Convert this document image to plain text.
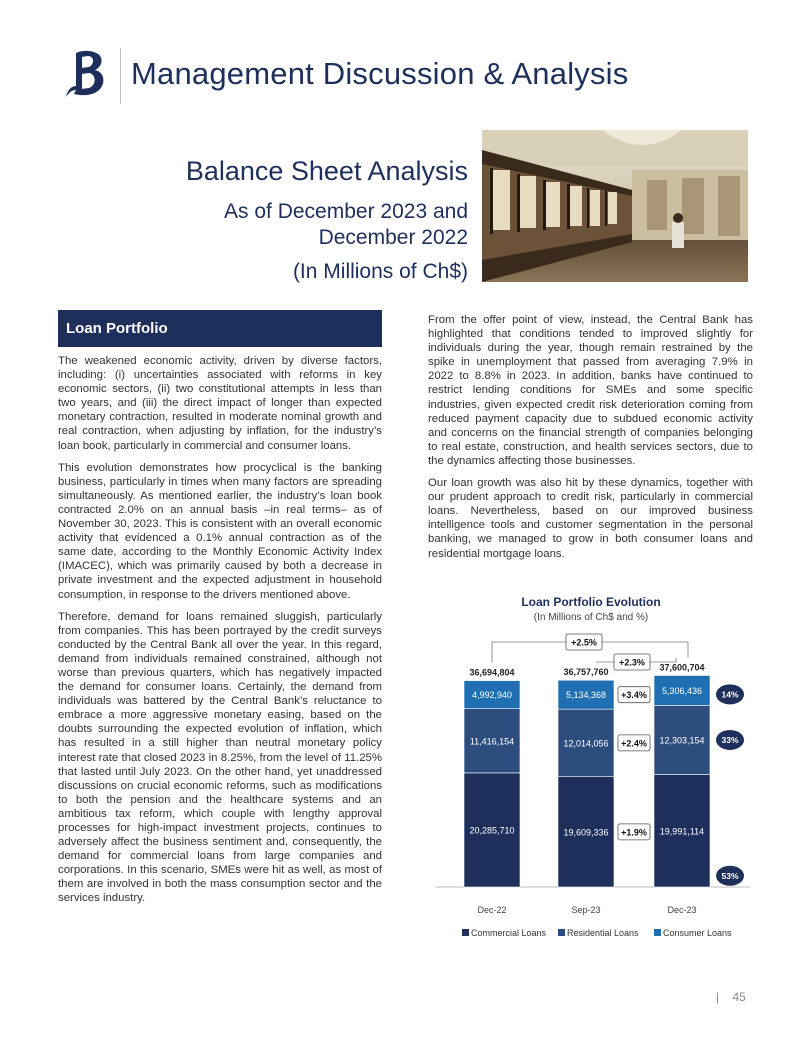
Management Discussion & Analysis
Balance Sheet Analysis
As of December 2023 and
December 2022
(In Millions of Ch$)
Loan Portfolio

The weakened economic activity, driven by diverse factors, including: (i) uncertainties associated with reforms in key economic sectors, (ii) two constitutional attempts in less than two years, and (iii) the direct impact of longer than expected monetary contraction, resulted in moderate nominal growth and real contraction, when adjusting by inflation, for the industry’s loan book, particularly in commercial and consumer loans.

This evolution demonstrates how procyclical is the banking business, particularly in times when many factors are spreading simultaneously. As mentioned earlier, the industry’s loan book contracted 2.0% on an annual basis –in real terms– as of November 30, 2023. This is consistent with an overall economic activity that evidenced a 0.1% annual contraction as of the same date, according to the Monthly Economic Activity Index (IMACEC), which was primarily caused by both a decrease in private investment and the expected adjustment in household consumption, in response to the drivers mentioned above.

Therefore, demand for loans remained sluggish, particularly from companies. This has been portrayed by the credit surveys conducted by the Central Bank all over the year. In this regard, demand from individuals remained constrained, although not worse than previous quarters, which has negatively impacted the demand for consumer loans. Certainly, the demand from individuals was battered by the Central Bank’s reluctance to embrace a more aggressive monetary easing, based on the doubts surrounding the expected evolution of inflation, which has resulted in a still higher than neutral monetary policy interest rate that closed 2023 in 8.25%, from the level of 11.25% that lasted until July 2023. On the other hand, yet unaddressed discussions on crucial economic reforms, such as modifications to both the pension and the healthcare systems and an ambitious tax reform, which couple with lengthy approval processes for high-impact investment projects, continues to adversely affect the business sentiment and, consequently, the demand for commercial loans from large companies and corporations. In this scenario, SMEs were hit as well, as most of them are involved in both the mass consumption sector and the services industry.

From the offer point of view, instead, the Central Bank has highlighted that conditions tended to improved slightly for individuals during the year, though remain restrained by the spike in unemployment that passed from averaging 7.9% in 2022 to 8.8% in 2023. In addition, banks have continued to restrict lending conditions for SMEs and some specific industries, given expected credit risk deterioration coming from reduced payment capacity due to subdued economic activity and concerns on the financial strength of companies belonging to real estate, construction, and health services sectors, due to the dynamics affecting those businesses.

Our loan growth was also hit by these dynamics, together with our prudent approach to credit risk, particularly in commercial loans. Nevertheless, based on our improved business intelligence tools and customer segmentation in the personal banking, we managed to grow in both consumer loans and residential mortgage loans.

Loan Portfolio Evolution
(In Millions of Ch$ and %)
20,285,710
11,416,154
4,992,940
36,694,804
Dec-22
19,609,336
12,014,056
5,134,368
36,757,760
Sep-23
19,991,114
12,303,154
5,306,436
37,600,704
Dec-23
+1.9%
+2.4%
+3.4%
+2.5%
+2.3%
53%
33%
14%
Commercial Loans Residential Loans	Consumer Loans
| 45
